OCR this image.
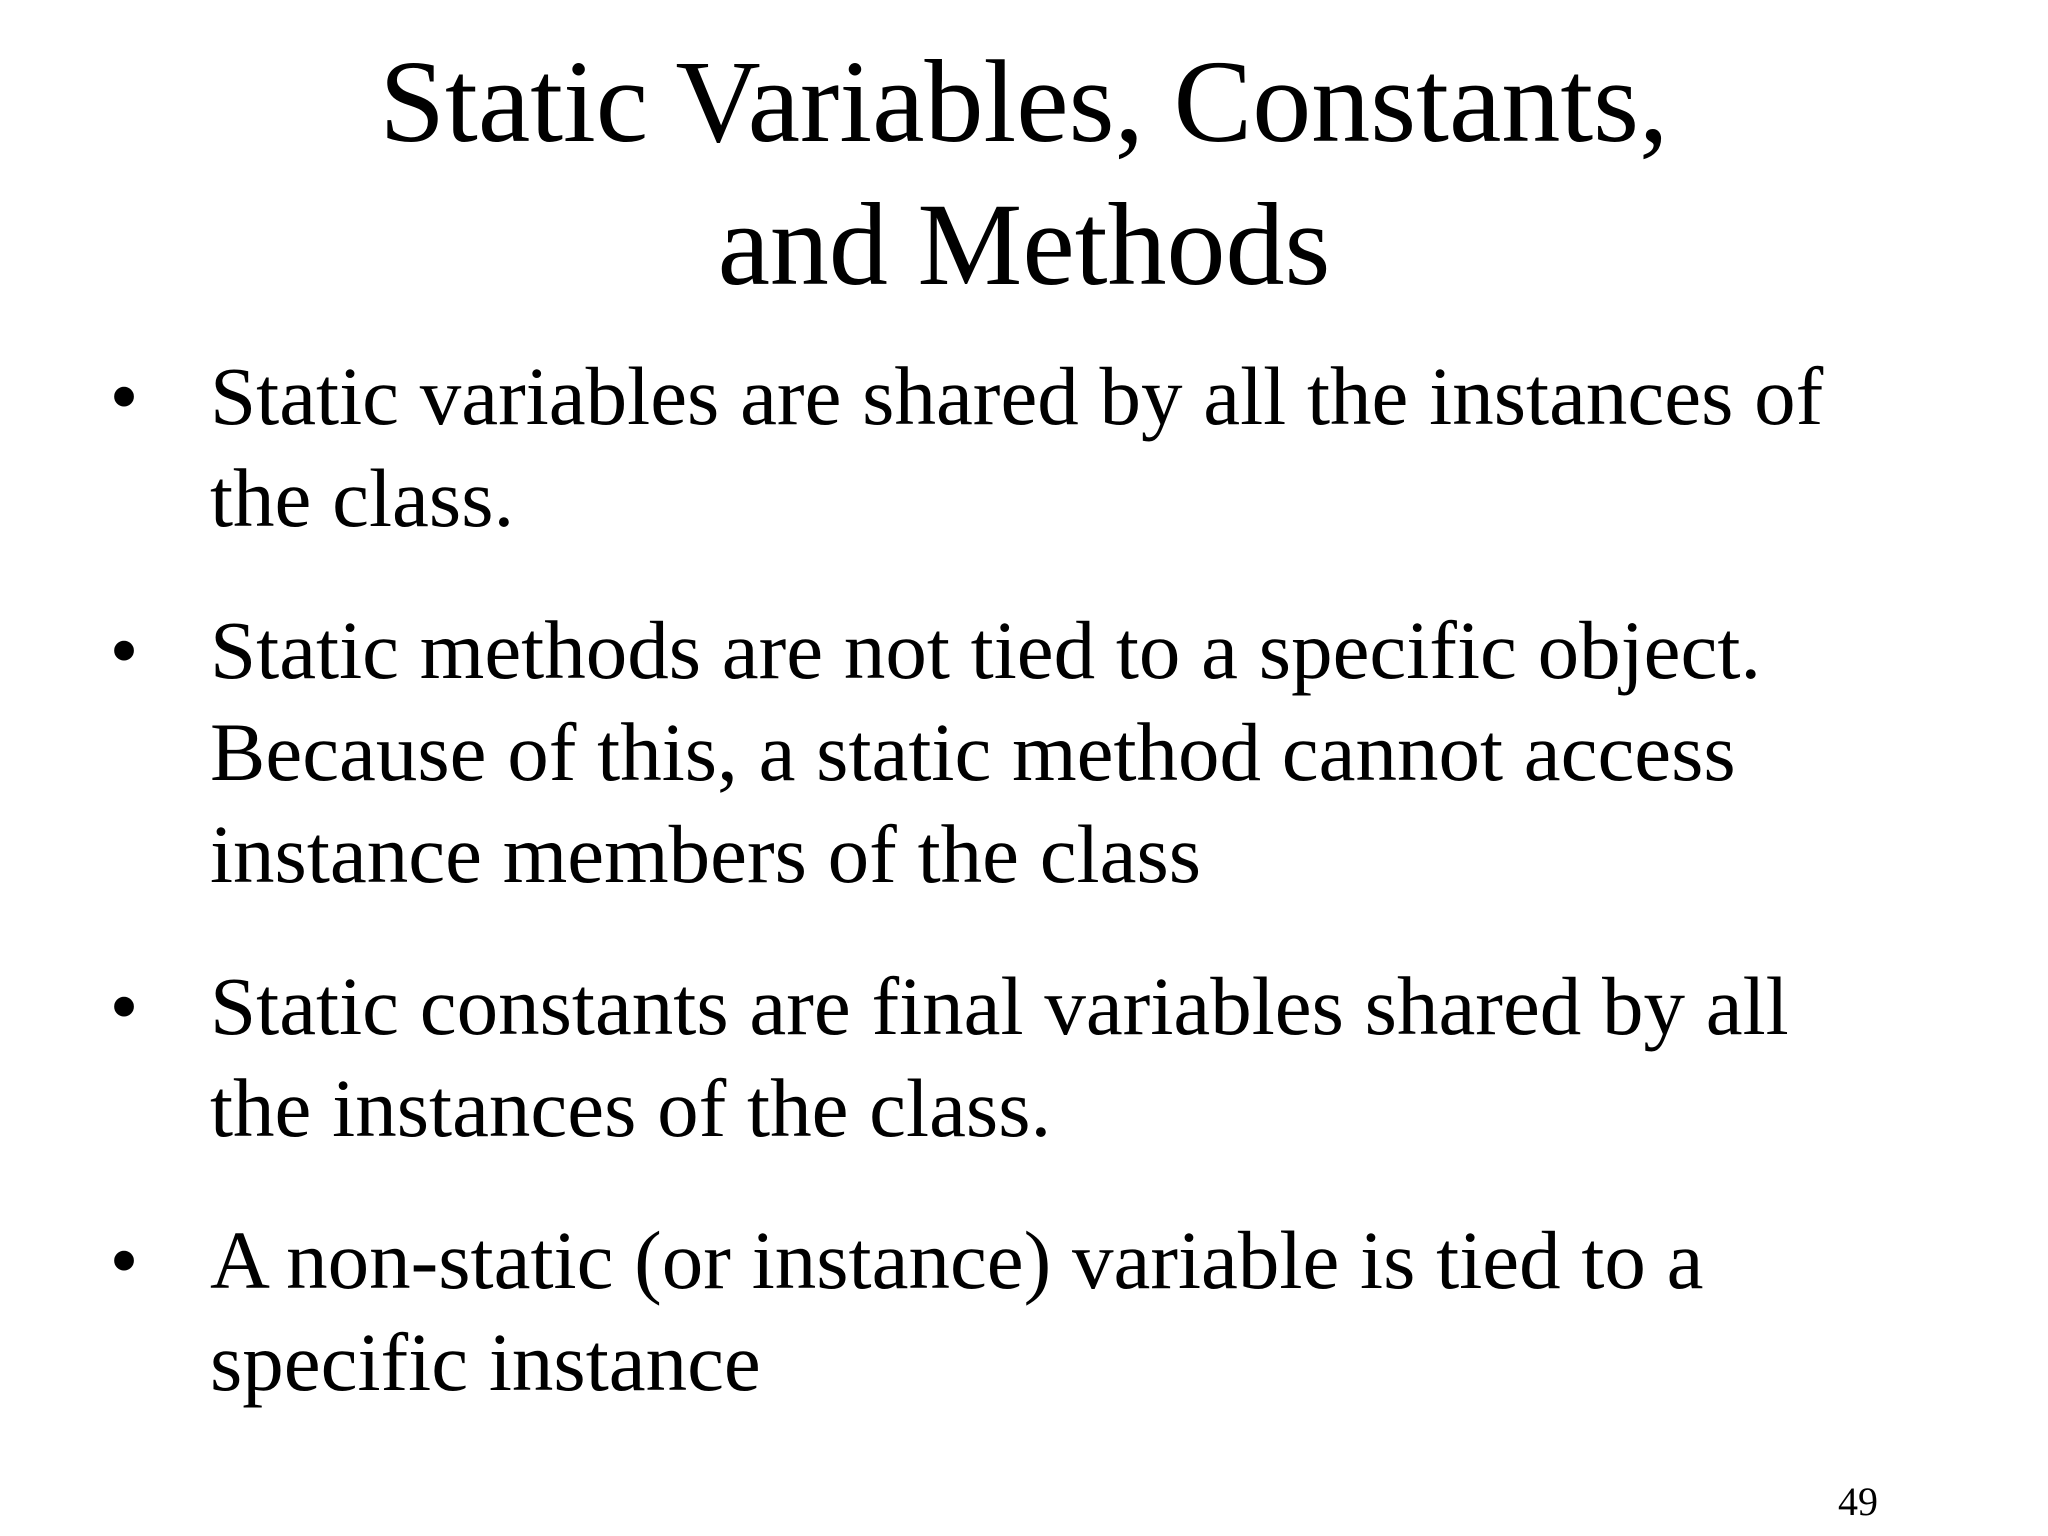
Static Variables, Constants,
and Methods
• Static variables are shared by all the instances of
the class.
• Static methods are not tied to a specific object.
Because of this, a static method cannot access
instance members of the class
• Static constants are final variables shared by all
the instances of the class.
• A non-static (or instance) variable is tied to a
specific instance
49
